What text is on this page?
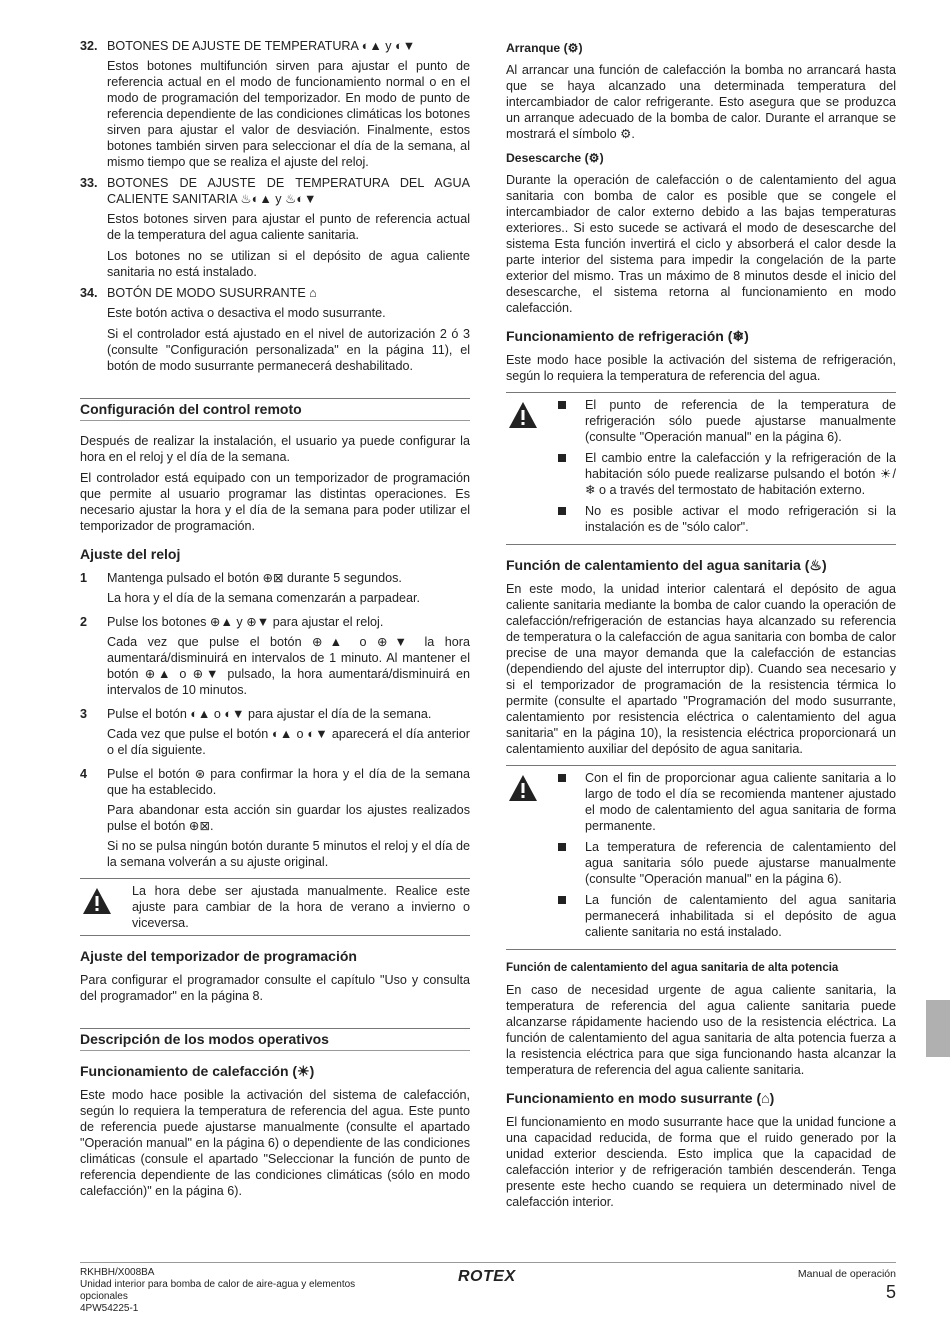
32. BOTONES DE AJUSTE DE TEMPERATURA ◐▲ y ◐▼

Estos botones multifunción sirven para ajustar el punto de referencia actual en el modo de funcionamiento normal o en el modo de programación del temporizador. En modo de punto de referencia dependiente de las condiciones climáticas los botones sirven para ajustar el valor de desviación. Finalmente, estos botones también sirven para seleccionar el día de la semana, al mismo tiempo que se realiza el ajuste del reloj.

33. BOTONES DE AJUSTE DE TEMPERATURA DEL AGUA CALIENTE SANITARIA ♨◐▲ y ♨◐▼

Estos botones sirven para ajustar el punto de referencia actual de la temperatura del agua caliente sanitaria.

Los botones no se utilizan si el depósito de agua caliente sanitaria no está instalado.

34. BOTÓN DE MODO SUSURRANTE ⌂

Este botón activa o desactiva el modo susurrante.

Si el controlador está ajustado en el nivel de autorización 2 ó 3 (consulte "Configuración personalizada" en la página 11), el botón de modo susurrante permanecerá deshabilitado.

Configuración del control remoto

Después de realizar la instalación, el usuario ya puede configurar la hora en el reloj y el día de la semana.

El controlador está equipado con un temporizador de programación que permite al usuario programar las distintas operaciones. Es necesario ajustar la hora y el día de la semana para poder utilizar el temporizador de programación.

Ajuste del reloj
1 Mantenga pulsado el botón ⊕⊠ durante 5 segundos.

La hora y el día de la semana comenzarán a parpadear.

2 Pulse los botones ⊕▲ y ⊕▼ para ajustar el reloj.

Cada vez que pulse el botón ⊕▲ o ⊕▼ la hora aumentará/disminuirá en intervalos de 1 minuto. Al mantener el botón ⊕▲ o ⊕▼ pulsado, la hora aumentará/disminuirá en intervalos de 10 minutos.

3 Pulse el botón ◐▲ o ◐▼ para ajustar el día de la semana.

Cada vez que pulse el botón ◐▲ o ◐▼ aparecerá el día anterior o el día siguiente.

4 Pulse el botón ⊛ para confirmar la hora y el día de la semana que ha establecido.

Para abandonar esta acción sin guardar los ajustes realizados pulse el botón ⊕⊠.

Si no se pulsa ningún botón durante 5 minutos el reloj y el día de la semana volverán a su ajuste original.

La hora debe ser ajustada manualmente. Realice este ajuste para cambiar de la hora de verano a invierno o viceversa.

Ajuste del temporizador de programación

Para configurar el programador consulte el capítulo "Uso y consulta del programador" en la página 8.

Descripción de los modos operativos
Funcionamiento de calefacción (☀)

Este modo hace posible la activación del sistema de calefacción, según lo requiera la temperatura de referencia del agua. Este punto de referencia puede ajustarse manualmente (consulte el apartado "Operación manual" en la página 6) o dependiente de las condiciones climáticas (consule el apartado "Seleccionar la función de punto de referencia dependiente de las condiciones climáticas (sólo en modo calefacción)" en la página 6).

Arranque (⚙)

Al arrancar una función de calefacción la bomba no arrancará hasta que se haya alcanzado una determinada temperatura del intercambiador de calor refrigerante. Esto asegura que se produzca un arranque adecuado de la bomba de calor. Durante el arranque se mostrará el símbolo ⚙.

Desescarche (⚙)

Durante la operación de calefacción o de calentamiento del agua sanitaria con bomba de calor es posible que se congele el intercambiador de calor externo debido a las bajas temperaturas exteriores.. Si esto sucede se activará el modo de desescarche del sistema Esta función invertirá el ciclo y absorberá el calor desde la parte interior del sistema para impedir la congelación de la parte exterior del mismo. Tras un máximo de 8 minutos desde el inicio del desescarche, el sistema retorna al funcionamiento en modo calefacción.

Funcionamiento de refrigeración (❄)

Este modo hace posible la activación del sistema de refrigeración, según lo requiera la temperatura de referencia del agua.

El punto de referencia de la temperatura de refrigeración sólo puede ajustarse manualmente (consulte "Operación manual" en la página 6).
El cambio entre la calefacción y la refrigeración de la habitación sólo puede realizarse pulsando el botón ☀/❄ o a través del termostato de habitación externo.
No es posible activar el modo refrigeración si la instalación es de "sólo calor".
Función de calentamiento del agua sanitaria (♨)

En este modo, la unidad interior calentará el depósito de agua caliente sanitaria mediante la bomba de calor cuando la operación de calefacción/refrigeración de estancias haya alcanzado su referencia de temperatura o la calefacción de agua sanitaria con bomba de calor precise de una mayor demanda que la calefacción de estancias (dependiendo del ajuste del interruptor dip). Cuando sea necesario y si el temporizador de programación de la resistencia térmica lo permite (consulte el apartado "Programación del modo susurrante, calentamiento por resistencia eléctrica o calentamiento del agua sanitaria" en la página 10), la resistencia eléctrica proporcionará un calentamiento auxiliar del depósito de agua sanitaria.

Con el fin de proporcionar agua caliente sanitaria a lo largo de todo el día se recomienda mantener ajustado el modo de calentamiento del agua sanitaria de forma permanente.
La temperatura de referencia de calentamiento del agua sanitaria sólo puede ajustarse manualmente (consulte "Operación manual" en la página 6).
La función de calentamiento del agua sanitaria permanecerá inhabilitada si el depósito de agua caliente sanitaria no está instalado.
Función de calentamiento del agua sanitaria de alta potencia

En caso de necesidad urgente de agua caliente sanitaria, la temperatura de referencia del agua caliente sanitaria puede alcanzarse rápidamente haciendo uso de la resistencia eléctrica. La función de calentamiento del agua sanitaria de alta potencia fuerza a la resistencia eléctrica para que siga funcionando hasta alcanzar la temperatura de referencia del agua caliente sanitaria.

Funcionamiento en modo susurrante (⌂)

El funcionamiento en modo susurrante hace que la unidad funcione a una capacidad reducida, de forma que el ruido generado por la unidad exterior descienda. Esto implica que la capacidad de calefacción interior y de refrigeración también descenderán. Tenga presente este hecho cuando se requiera un determinado nivel de calefacción interior.

RKHBH/X008BA
Unidad interior para bomba de calor de aire-agua y elementos opcionales
4PW54225-1
ROTEX	Manual de operación
5
